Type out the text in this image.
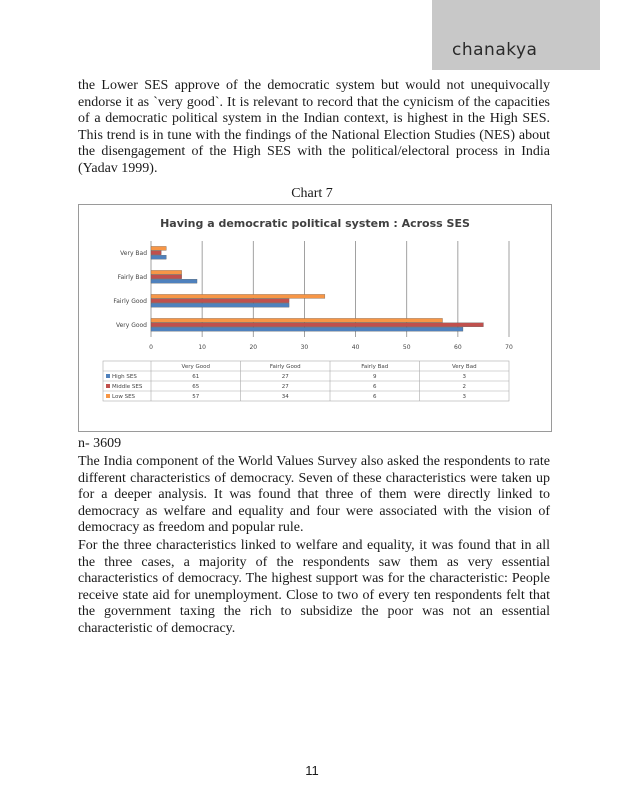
chanakya
the Lower SES approve of the democratic system but would not unequivocally endorse it as `very good`. It is relevant to record that the cynicism of the capacities of a democratic political system in the Indian context, is highest in the High SES. This trend is in tune with the findings of the National Election Studies (NES) about the disengagement of the High SES with the political/electoral process in India (Yadav 1999).
Chart 7
Having a democratic political system : Across SES
0	10	20	30	40	50	60	70
Very Good
Fairly Good
Fairly Bad
Very Bad
Very Good	Fairly Good	Fairly Bad	Very Bad
High SES	61	27	9	3
Middle SES	65	27	6	2
Low SES	57	34	6	3
n- 3609
The India component of the World Values Survey also asked the respondents to rate different characteristics of democracy. Seven of these characteristics were taken up for a deeper analysis. It was found that three of them were directly linked to democracy as welfare and equality and four were associated with the vision of democracy as freedom and popular rule.
For the three characteristics linked to welfare and equality, it was found that in all the three cases, a majority of the respondents saw them as very essential characteristics of democracy. The highest support was for the characteristic: People receive state aid for unemployment. Close to two of every ten respondents felt that the government taxing the rich to subsidize the poor was not an essential characteristic of democracy.
11
